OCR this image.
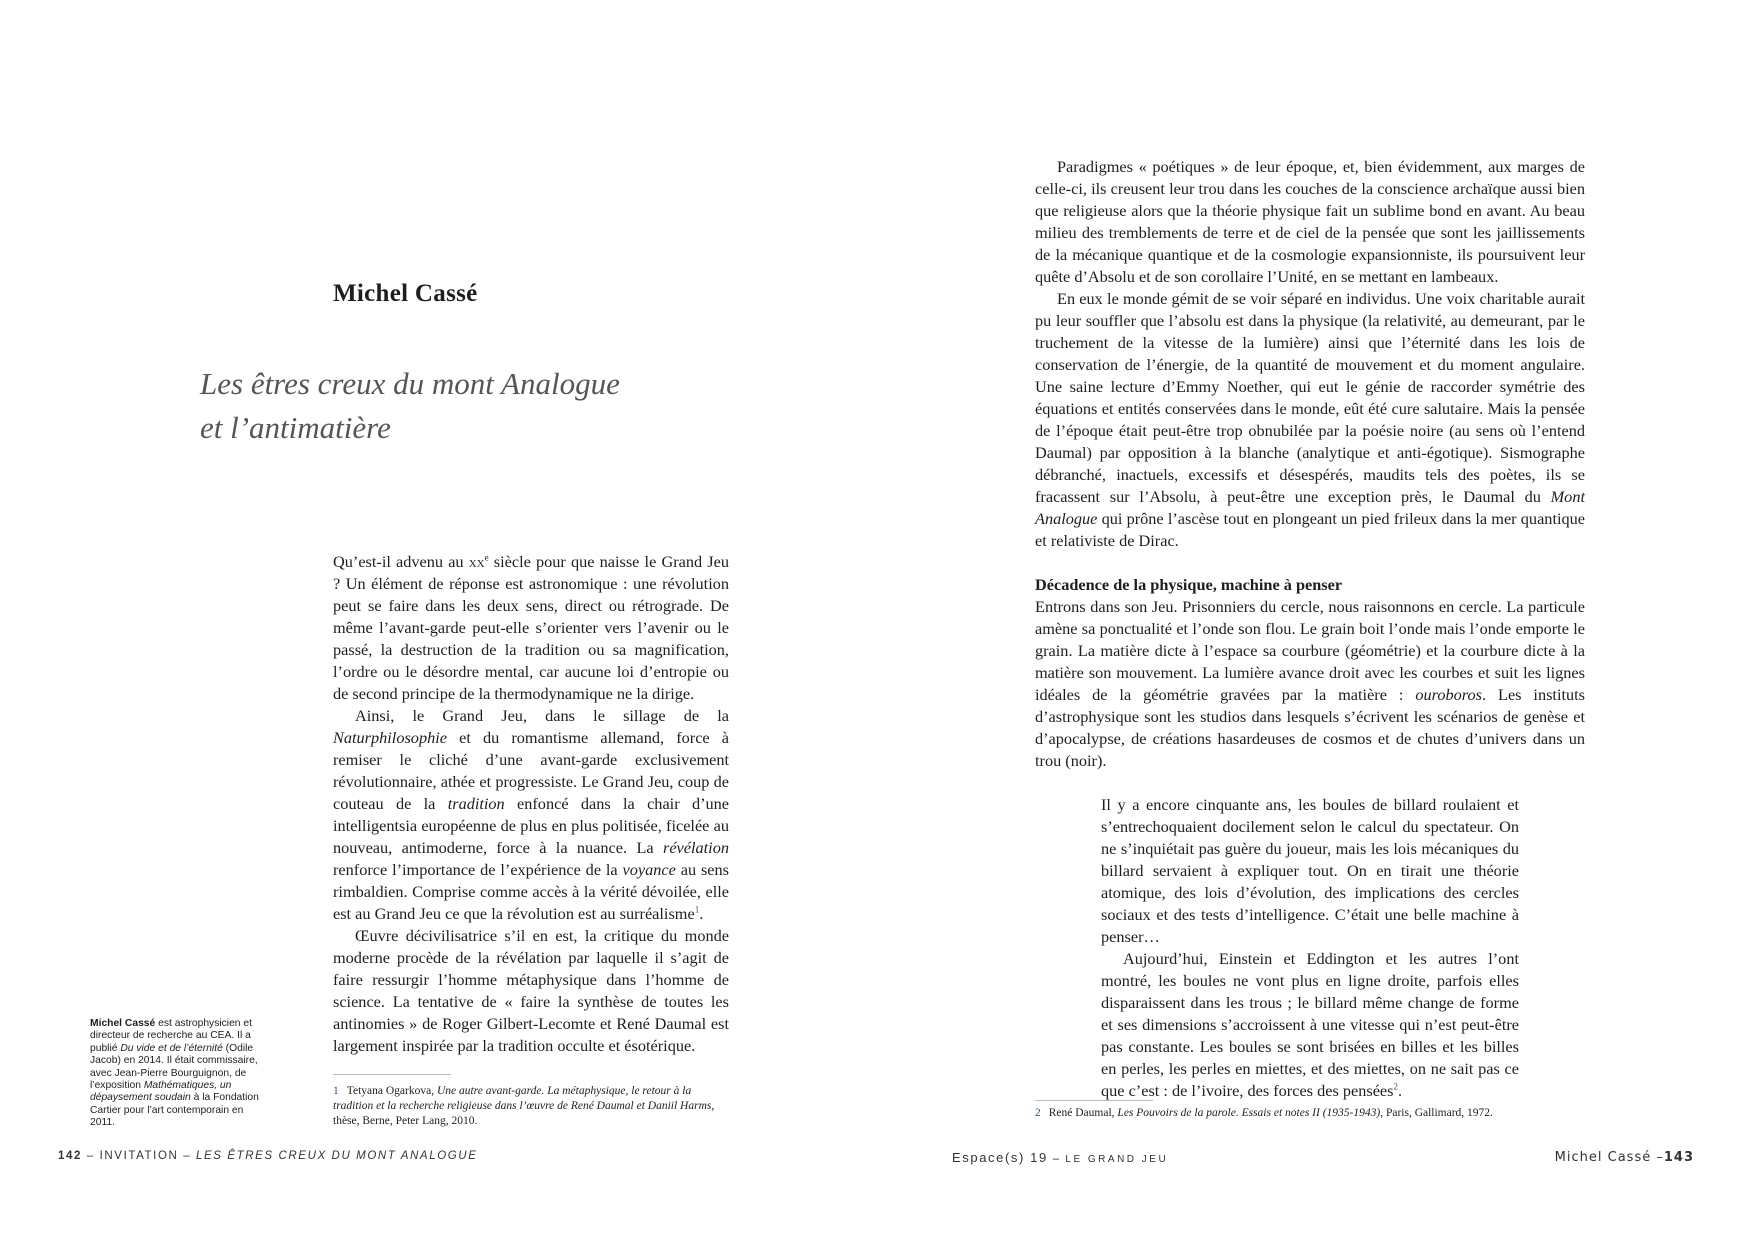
Michel Cassé
Les êtres creux du mont Analogue
et l’antimatière

Qu’est-il advenu au $xx^e$ siècle pour que naisse le Grand Jeu ? Un élément de réponse est astronomique : une révolution peut se faire dans les deux sens, direct ou rétrograde. De même l’avant-garde peut-elle s’orienter vers l’avenir ou le passé, la destruction de la tradition ou sa magnification, l’ordre ou le désordre mental, car aucune loi d’entropie ou de second principe de la thermodynamique ne la dirige.

Ainsi, le Grand Jeu, dans le sillage de la Naturphilosophie et du romantisme allemand, force à remiser le cliché d’une avant-garde exclusivement révolutionnaire, athée et progressiste. Le Grand Jeu, coup de couteau de la tradition enfoncé dans la chair d’une intelligentsia européenne de plus en plus politisée, ficelée au nouveau, antimoderne, force à la nuance. La révélation renforce l’importance de l’expérience de la voyance au sens rimbaldien. Comprise comme accès à la vérité dévoilée, elle est au Grand Jeu ce que la révolution est au surréalisme$^1$.

Œuvre décivilisatrice s’il en est, la critique du monde moderne procède de la révélation par laquelle il s’agit de faire ressurgir l’homme métaphysique dans l’homme de science. La tentative de « faire la synthèse de toutes les antinomies » de Roger Gilbert-Lecomte et René Daumal est largement inspirée par la tradition occulte et ésotérique.

Michel Cassé est astrophysicien et directeur de recherche au CEA. Il a publié Du vide et de l’éternité (Odile Jacob) en 2014. Il était commissaire, avec Jean-Pierre Bourguignon, de l’exposition Mathématiques, un dépaysement soudain à la Fondation Cartier pour l’art contemporain en 2011.
1 Tetyana Ogarkova, Une autre avant-garde. La métaphysique, le retour à la tradition et la recherche religieuse dans l’œuvre de René Daumal et Daniil Harms, thèse, Berne, Peter Lang, 2010.
142 – INVITATION – LES ÊTRES CREUX DU MONT ANALOGUE

Paradigmes « poétiques » de leur époque, et, bien évidemment, aux marges de celle-ci, ils creusent leur trou dans les couches de la conscience archaïque aussi bien que religieuse alors que la théorie physique fait un sublime bond en avant. Au beau milieu des tremblements de terre et de ciel de la pensée que sont les jaillissements de la mécanique quantique et de la cosmologie expansionniste, ils poursuivent leur quête d’Absolu et de son corollaire l’Unité, en se mettant en lambeaux.

En eux le monde gémit de se voir séparé en individus. Une voix charitable aurait pu leur souffler que l’absolu est dans la physique (la relativité, au demeurant, par le truchement de la vitesse de la lumière) ainsi que l’éternité dans les lois de conservation de l’énergie, de la quantité de mouvement et du moment angulaire. Une saine lecture d’Emmy Noether, qui eut le génie de raccorder symétrie des équations et entités conservées dans le monde, eût été cure salutaire. Mais la pensée de l’époque était peut-être trop obnubilée par la poésie noire (au sens où l’entend Daumal) par opposition à la blanche (analytique et anti-égotique). Sismographe débranché, inactuels, excessifs et désespérés, maudits tels des poètes, ils se fracassent sur l’Absolu, à peut-être une exception près, le Daumal du Mont Analogue qui prône l’ascèse tout en plongeant un pied frileux dans la mer quantique et relativiste de Dirac.

Décadence de la physique, machine à penser

Entrons dans son Jeu. Prisonniers du cercle, nous raisonnons en cercle. La particule amène sa ponctualité et l’onde son flou. Le grain boit l’onde mais l’onde emporte le grain. La matière dicte à l’espace sa courbure (géométrie) et la courbure dicte à la matière son mouvement. La lumière avance droit avec les courbes et suit les lignes idéales de la géométrie gravées par la matière : ouroboros. Les instituts d’astrophysique sont les studios dans lesquels s’écrivent les scénarios de genèse et d’apocalypse, de créations hasardeuses de cosmos et de chutes d’univers dans un trou (noir).

Il y a encore cinquante ans, les boules de billard roulaient et s’entrechoquaient docilement selon le calcul du spectateur. On ne s’inquiétait pas guère du joueur, mais les lois mécaniques du billard servaient à expliquer tout. On en tirait une théorie atomique, des lois d’évolution, des implications des cercles sociaux et des tests d’intelligence. C’était une belle machine à penser…

Aujourd’hui, Einstein et Eddington et les autres l’ont montré, les boules ne vont plus en ligne droite, parfois elles disparaissent dans les trous ; le billard même change de forme et ses dimensions s’accroissent à une vitesse qui n’est peut-être pas constante. Les boules se sont brisées en billes et les billes en perles, les perles en miettes, et des miettes, on ne sait pas ce que c’est : de l’ivoire, des forces des pensées$^2$.

2 René Daumal, Les Pouvoirs de la parole. Essais et notes II (1935-1943), Paris, Gallimard, 1972.
Espace(s) 19 – LE GRAND JEU	Michel Cassé –143
